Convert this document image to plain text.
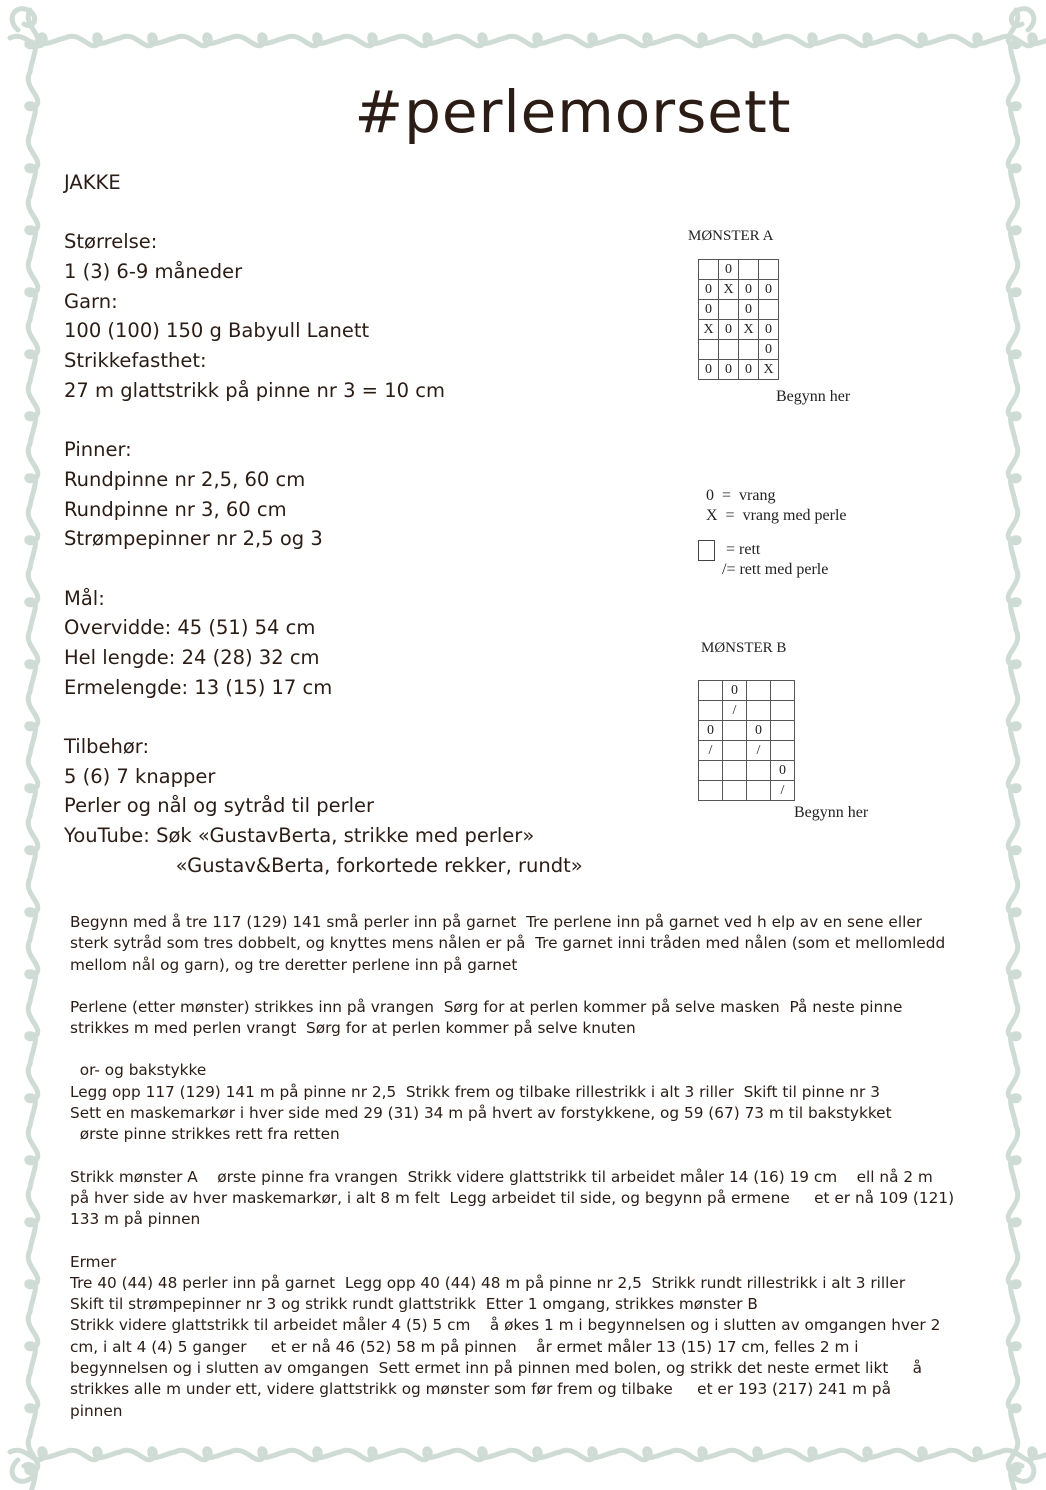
#perlemorsett
JAKKE
Størrelse:
1 (3) 6-9 måneder
Garn:
100 (100) 150 g Babyull Lanett
Strikkefasthet:
27 m glattstrikk på pinne nr 3 = 10 cm
Pinner:
Rundpinne nr 2,5, 60 cm
Rundpinne nr 3, 60 cm
Strømpepinner nr 2,5 og 3
Mål:
Overvidde: 45 (51) 54 cm
Hel lengde: 24 (28) 32 cm
Ermelengde: 13 (15) 17 cm
Tilbehør:
5 (6) 7 knapper
Perler og nål og sytråd til perler
YouTube: Søk «GustavBerta, strikke med perler»
«Gustav&Berta, forkortede rekker, rundt»
MØNSTER A
	0		
0	X	0	0
0		0	
X	0	X	0
			0
0	0	0	X
Begynn her
0  =  vrang
X  =  vrang med perle
= rett
/= rett med perle
MØNSTER B
	0		
	/		
0		0	
/		/	
			0
			/
Begynn her
Begynn med å tre 117 (129) 141 små perler inn på garnet  Tre perlene inn på garnet ved h elp av en sene eller
sterk sytråd som tres dobbelt, og knyttes mens nålen er på  Tre garnet inni tråden med nålen (som et mellomledd
mellom nål og garn), og tre deretter perlene inn på garnet
Perlene (etter mønster) strikkes inn på vrangen  Sørg for at perlen kommer på selve masken  På neste pinne
strikkes m med perlen vrangt  Sørg for at perlen kommer på selve knuten
or- og bakstykke
Legg opp 117 (129) 141 m på pinne nr 2,5  Strikk frem og tilbake rillestrikk i alt 3 riller  Skift til pinne nr 3
Sett en maskemarkør i hver side med 29 (31) 34 m på hvert av forstykkene, og 59 (67) 73 m til bakstykket
ørste pinne strikkes rett fra retten
Strikk mønster A    ørste pinne fra vrangen  Strikk videre glattstrikk til arbeidet måler 14 (16) 19 cm    ell nå 2 m
på hver side av hver maskemarkør, i alt 8 m felt  Legg arbeidet til side, og begynn på ermene     et er nå 109 (121)
133 m på pinnen
Ermer
Tre 40 (44) 48 perler inn på garnet  Legg opp 40 (44) 48 m på pinne nr 2,5  Strikk rundt rillestrikk i alt 3 riller
Skift til strømpepinner nr 3 og strikk rundt glattstrikk  Etter 1 omgang, strikkes mønster B
Strikk videre glattstrikk til arbeidet måler 4 (5) 5 cm    å økes 1 m i begynnelsen og i slutten av omgangen hver 2
cm, i alt 4 (4) 5 ganger     et er nå 46 (52) 58 m på pinnen    år ermet måler 13 (15) 17 cm, felles 2 m i
begynnelsen og i slutten av omgangen  Sett ermet inn på pinnen med bolen, og strikk det neste ermet likt     å
strikkes alle m under ett, videre glattstrikk og mønster som før frem og tilbake     et er 193 (217) 241 m på
pinnen
